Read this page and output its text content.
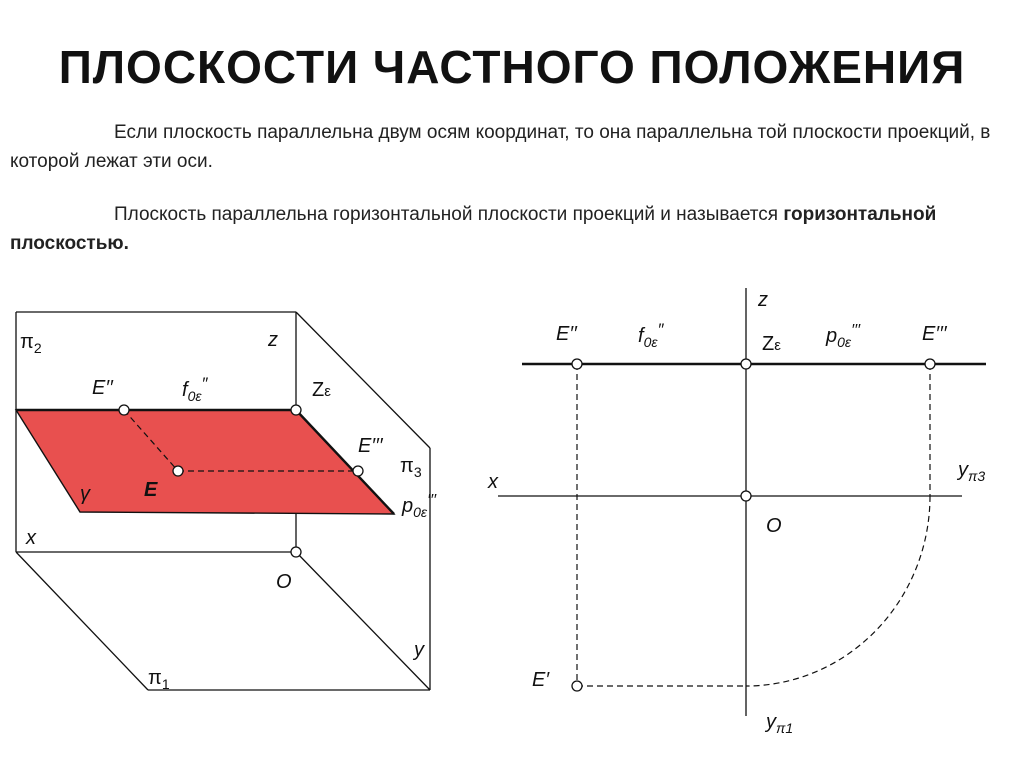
ПЛОСКОСТИ ЧАСТНОГО ПОЛОЖЕНИЯ
Если плоскость параллельна двум осям координат, то она параллельна той плоскости проекций, в которой лежат эти оси.
Плоскость параллельна горизонтальной плоскости проекций и называется горизонтальной плоскостью.
$\pi_2$	z
E′′	$f_{0\varepsilon}''$	Zε
E′′′
$\pi_3$
γ	E
$p_{0\varepsilon}'''$
x
O
y
$\pi_1$
z
E′′	$f_{0\varepsilon}''$
Zε $p_{0\varepsilon}'''$	E′′′
x
$y_{\pi 3}$
O
E′
$y_{\pi 1}$
